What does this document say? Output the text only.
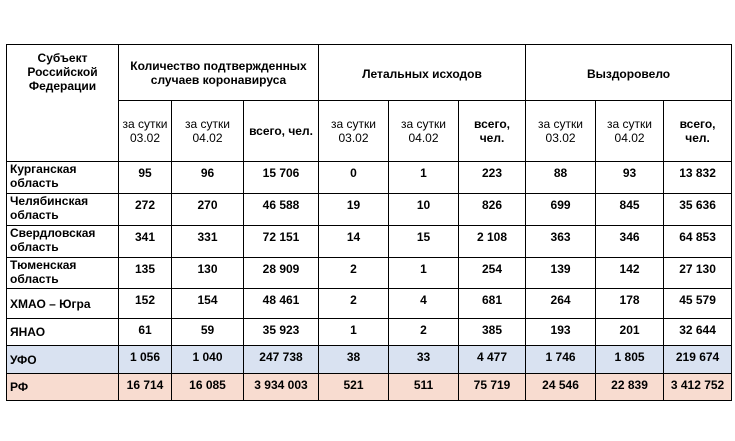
Субъект Российской Федерации	Количество подтвержденных случаев коронавируса			Летальных исходов			Выздоровело		
	за сутки 03.02	за сутки 04.02	всего, чел.	за сутки 03.02	за сутки 04.02	всего, чел.	за сутки 03.02	за сутки 04.02	всего, чел.
Курганская область	95	96	15 706	0	1	223	88	93	13 832
Челябинская область	272	270	46 588	19	10	826	699	845	35 636
Свердловская область	341	331	72 151	14	15	2 108	363	346	64 853
Тюменская область	135	130	28 909	2	1	254	139	142	27 130
ХМАО – Югра	152	154	48 461	2	4	681	264	178	45 579
ЯНАО	61	59	35 923	1	2	385	193	201	32 644
УФО	1 056	1 040	247 738	38	33	4 477	1 746	1 805	219 674
РФ	16 714	16 085	3 934 003	521	511	75 719	24 546	22 839	3 412 752
